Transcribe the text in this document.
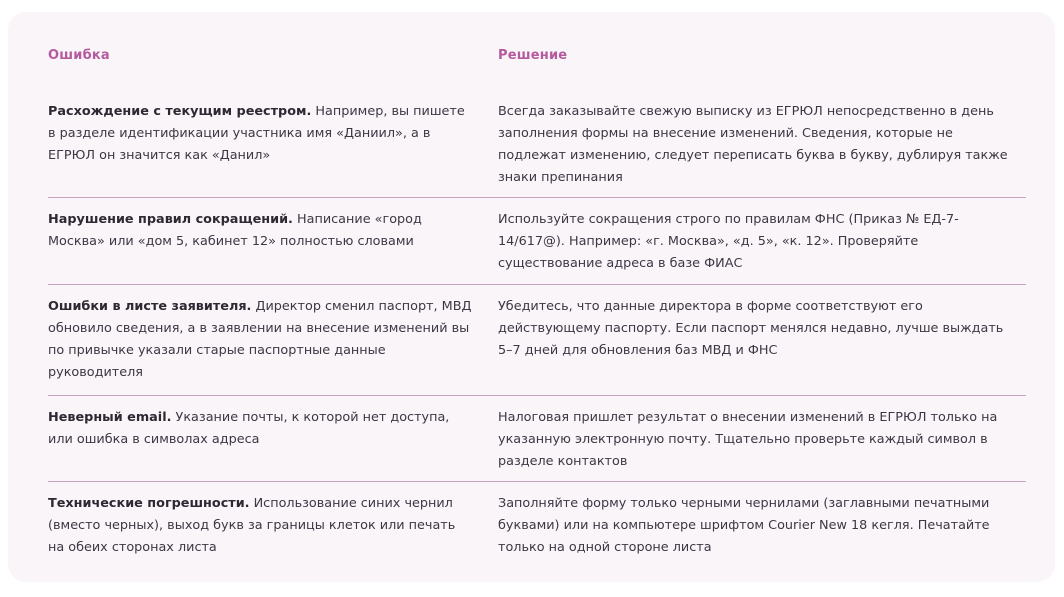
Ошибка	Решение
Расхождение с текущим реестром. Например, вы пишете в разделе идентификации участника имя «Даниил», а в ЕГРЮЛ он значится как «Данил»
Всегда заказывайте свежую выписку из ЕГРЮЛ непосредственно в день заполнения формы на внесение изменений. Сведения, которые не подлежат изменению, следует переписать буква в букву, дублируя также знаки препинания
Нарушение правил сокращений. Написание «город Москва» или «дом 5, кабинет 12» полностью словами
Используйте сокращения строго по правилам ФНС (Приказ № ЕД-7-14/617@). Например: «г. Москва», «д. 5», «к. 12». Проверяйте существование адреса в базе ФИАС
Ошибки в листе заявителя. Директор сменил паспорт, МВД обновило сведения, а в заявлении на внесение изменений вы по привычке указали старые паспортные данные руководителя
Убедитесь, что данные директора в форме соответствуют его действующему паспорту. Если паспорт менялся недавно, лучше выждать 5–7 дней для обновления баз МВД и ФНС
Неверный email. Указание почты, к которой нет доступа, или ошибка в символах адреса
Налоговая пришлет результат о внесении изменений в ЕГРЮЛ только на указанную электронную почту. Тщательно проверьте каждый символ в разделе контактов
Технические погрешности. Использование синих чернил (вместо черных), выход букв за границы клеток или печать на обеих сторонах листа
Заполняйте форму только черными чернилами (заглавными печатными буквами) или на компьютере шрифтом Courier New 18 кегля. Печатайте только на одной стороне листа
